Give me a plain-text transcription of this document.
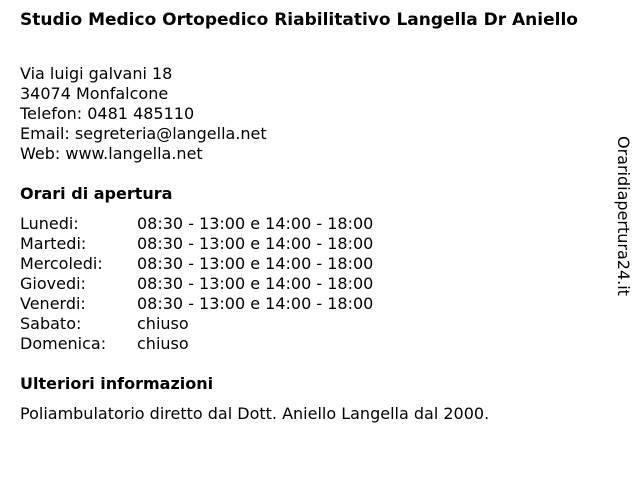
Studio Medico Ortopedico Riabilitativo Langella Dr Aniello
Via luigi galvani 18
34074 Monfalcone
Telefon: 0481 485110
Email: segreteria@langella.net
Web: www.langella.net
Orari di apertura
Lunedi:	08:30 - 13:00 e 14:00 - 18:00
Martedi:	08:30 - 13:00 e 14:00 - 18:00
Mercoledi: 08:30 - 13:00 e 14:00 - 18:00
Giovedi:	08:30 - 13:00 e 14:00 - 18:00
Venerdi:	08:30 - 13:00 e 14:00 - 18:00
Sabato:	chiuso
Domenica: chiuso
Ulteriori informazioni
Poliambulatorio diretto dal Dott. Aniello Langella dal 2000.
Oraridiapertura24.it
